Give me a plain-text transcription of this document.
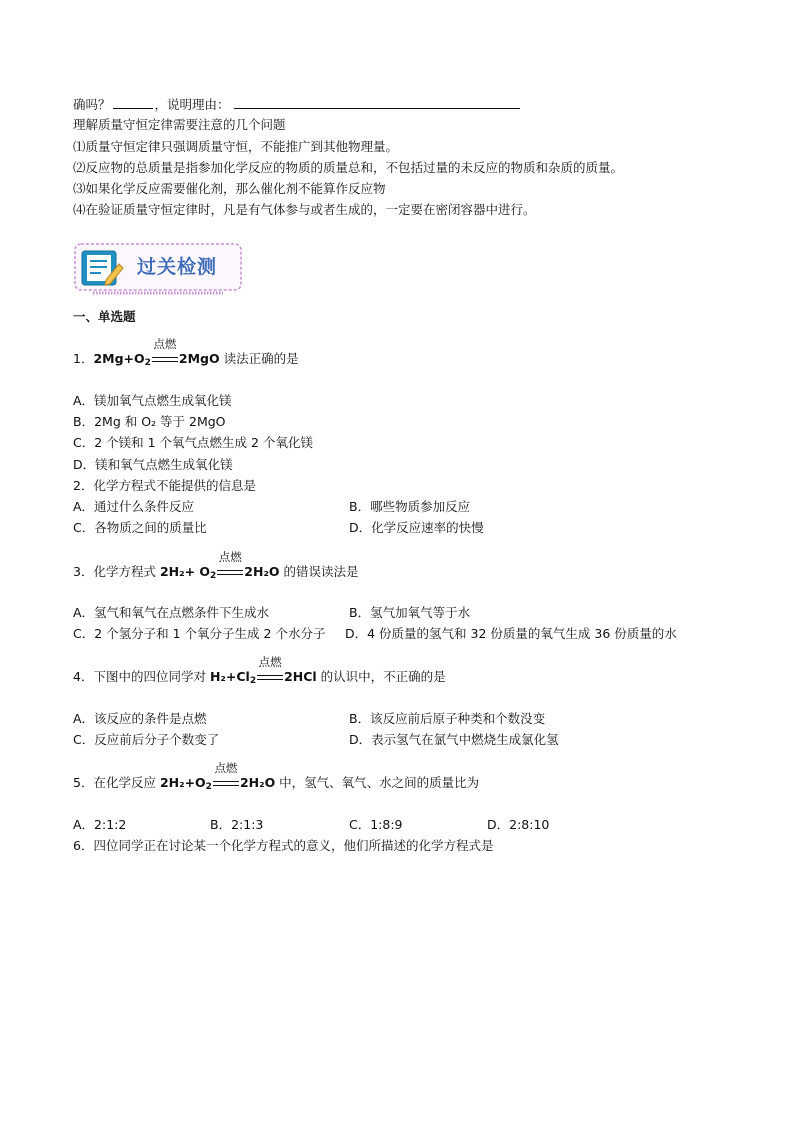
确吗？	，说明理由：
理解质量守恒定律需要注意的几个问题
⑴质量守恒定律只强调质量守恒，不能推广到其他物理量。
⑵反应物的总质量是指参加化学反应的物质的质量总和，不包括过量的未反应的物质和杂质的质量。
⑶如果化学反应需要催化剂，那么催化剂不能算作反应物
⑷在验证质量守恒定律时，凡是有气体参与或者生成的，一定要在密闭容器中进行。
过关检测
一、单选题
1．$2Mg+O_2$
点燃
2MgO 读法正确的是
A．镁加氧气点燃生成氧化镁
B．2Mg 和 O₂ 等于 2MgO
C．2 个镁和 1 个氧气点燃生成 2 个氧化镁
D．镁和氧气点燃生成氧化镁
2．化学方程式不能提供的信息是
A．通过什么条件反应	B．哪些物质参加反应
C．各物质之间的质量比	D．化学反应速率的快慢
3．化学方程式 $2H_2+ O_2$
点燃
2H₂O 的错误读法是
A．氢气和氧气在点燃条件下生成水	B．氢气加氧气等于水
C．2 个氢分子和 1 个氧分子生成 2 个水分子 D．4 份质量的氢气和 32 份质量的氧气生成 36 份质量的水
4．下图中的四位同学对 $H_2+Cl_2$
点燃
2HCl 的认识中，不正确的是
A．该反应的条件是点燃	B．该反应前后原子种类和个数没变
C．反应前后分子个数变了	D．表示氢气在氯气中燃烧生成氯化氢
5．在化学反应 $2H_2+O_2$
点燃
2H₂O 中，氢气、氧气、水之间的质量比为
A．2:1:2	B．2:1:3	C．1:8:9	D．2:8:10
6．四位同学正在讨论某一个化学方程式的意义，他们所描述的化学方程式是
